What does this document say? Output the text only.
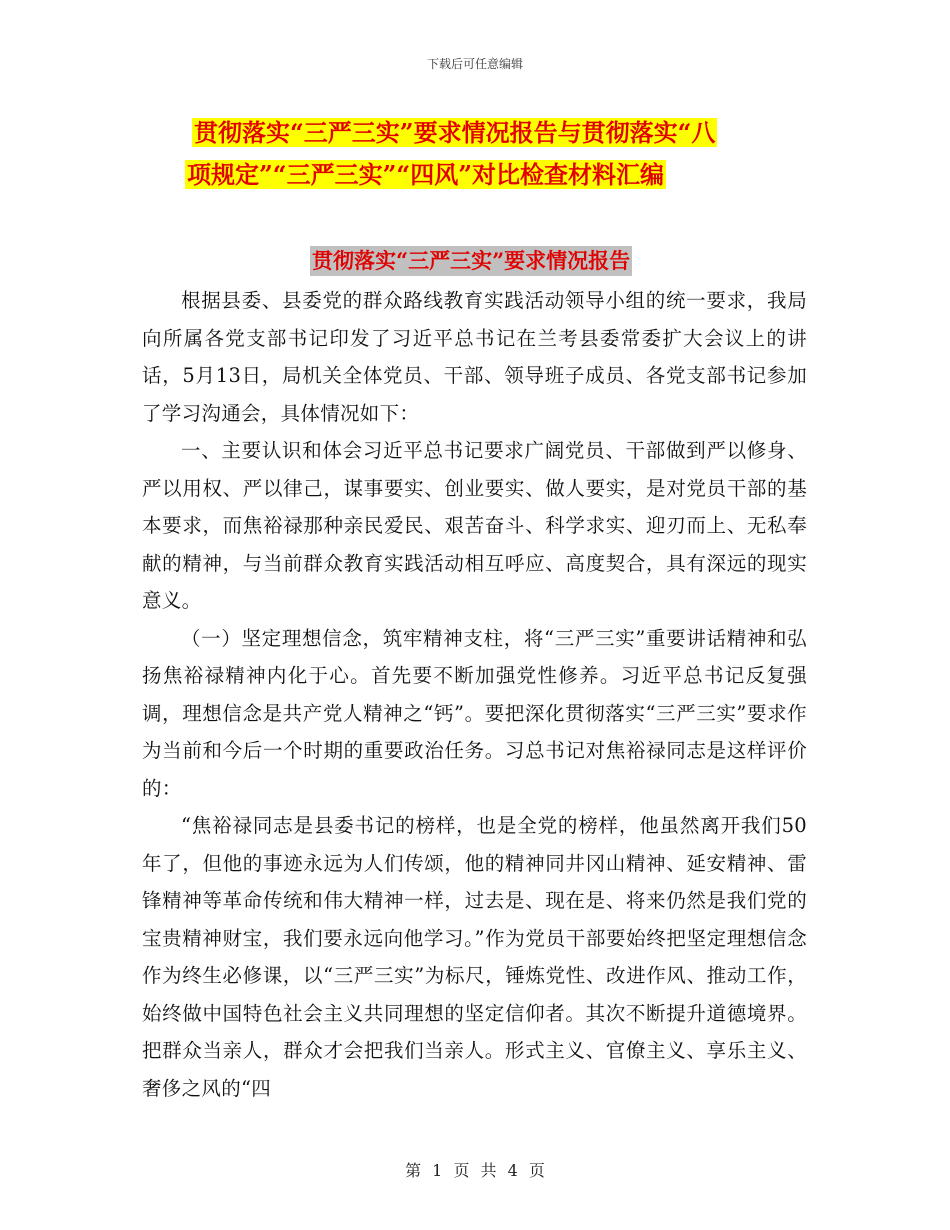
下载后可任意编辑
贯彻落实“三严三实”要求情况报告与贯彻落实“八
项规定”“三严三实”“四风”对比检查材料汇编
贯彻落实“三严三实”要求情况报告

根据县委、县委党的群众路线教育实践活动领导小组的统一要求，我局向所属各党支部书记印发了习近平总书记在兰考县委常委扩大会议上的讲话，5月13日，局机关全体党员、干部、领导班子成员、各党支部书记参加了学习沟通会，具体情况如下：

一、主要认识和体会习近平总书记要求广阔党员、干部做到严以修身、严以用权、严以律己，谋事要实、创业要实、做人要实，是对党员干部的基本要求，而焦裕禄那种亲民爱民、艰苦奋斗、科学求实、迎刃而上、无私奉献的精神，与当前群众教育实践活动相互呼应、高度契合，具有深远的现实意义。

（一）坚定理想信念，筑牢精神支柱，将“三严三实”重要讲话精神和弘扬焦裕禄精神内化于心。首先要不断加强党性修养。习近平总书记反复强调，理想信念是共产党人精神之“钙”。要把深化贯彻落实“三严三实”要求作为当前和今后一个时期的重要政治任务。习总书记对焦裕禄同志是这样评价的：

“焦裕禄同志是县委书记的榜样，也是全党的榜样，他虽然离开我们50年了，但他的事迹永远为人们传颂，他的精神同井冈山精神、延安精神、雷锋精神等革命传统和伟大精神一样，过去是、现在是、将来仍然是我们党的宝贵精神财宝，我们要永远向他学习。”作为党员干部要始终把坚定理想信念作为终生必修课，以“三严三实”为标尺，锤炼党性、改进作风、推动工作，始终做中国特色社会主义共同理想的坚定信仰者。其次不断提升道德境界。把群众当亲人，群众才会把我们当亲人。形式主义、官僚主义、享乐主义、奢侈之风的“四

第 1 页 共 4 页
